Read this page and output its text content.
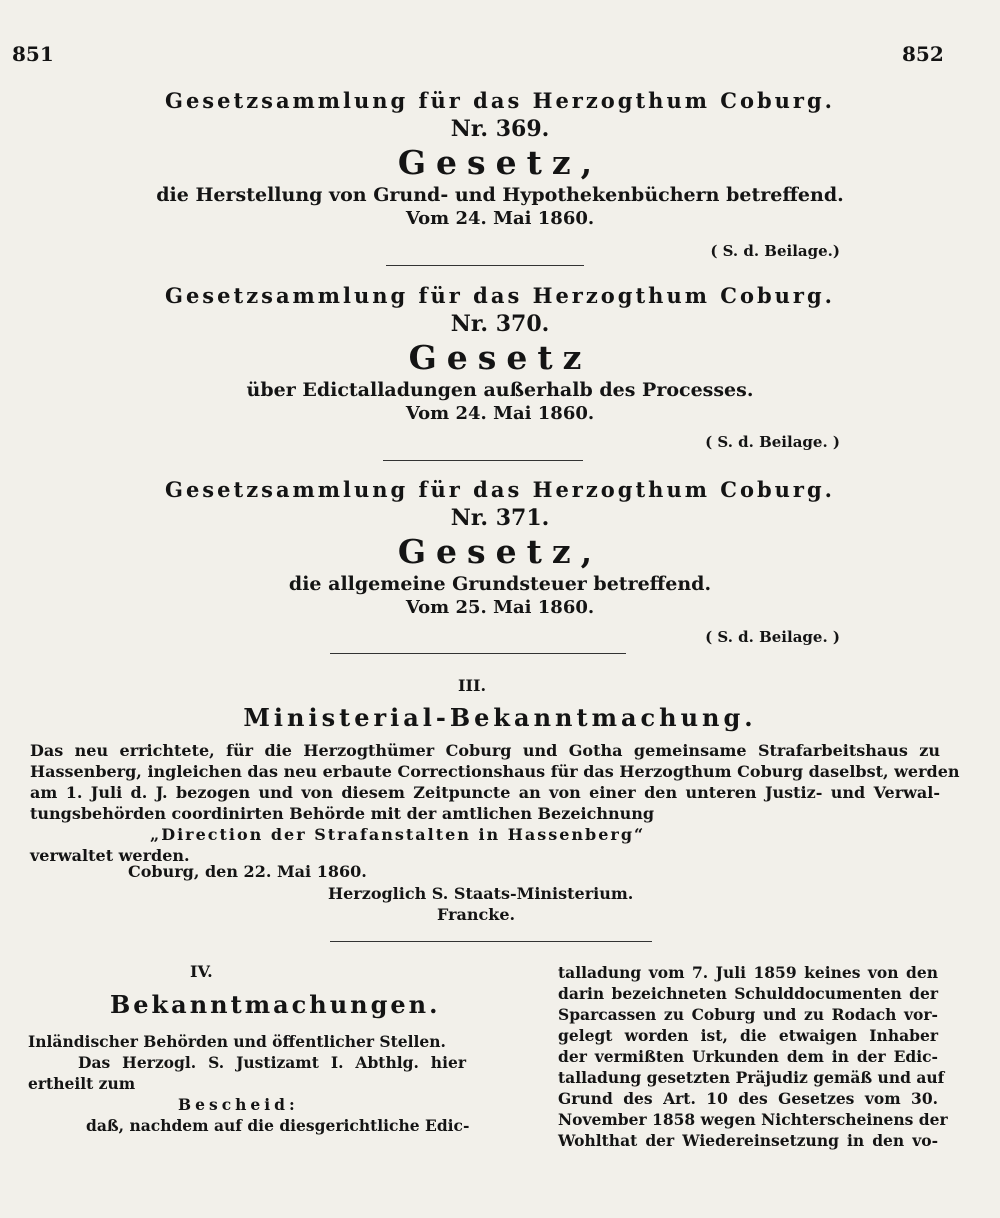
851	852
Gesetzsammlung für das Herzogthum Coburg.
Nr. 369.
Gesetz,
die Herstellung von Grund- und Hypothekenbüchern betreffend.
Vom 24. Mai 1860.
( S. d. Beilage.)
Gesetzsammlung für das Herzogthum Coburg.
Nr. 370.
Gesetz
über Edictalladungen außerhalb des Processes.
Vom 24. Mai 1860.
( S. d. Beilage. )
Gesetzsammlung für das Herzogthum Coburg.
Nr. 371.
Gesetz,
die allgemeine Grundsteuer betreffend.
Vom 25. Mai 1860.
( S. d. Beilage. )
III.
Ministerial-Bekanntmachung.
Das neu errichtete, für die Herzogthümer Coburg und Gotha gemeinsame Strafarbeitshaus zu
Hassenberg, ingleichen das neu erbaute Correctionshaus für das Herzogthum Coburg daselbst, werden
am 1. Juli d. J. bezogen und von diesem Zeitpuncte an von einer den unteren Justiz- und Verwal-
tungsbehörden coordinirten Behörde mit der amtlichen Bezeichnung
„Direction der Strafanstalten in Hassenberg“
verwaltet werden.
Coburg, den 22. Mai 1860.
Herzoglich S. Staats-Ministerium.
Francke.
IV.
Bekanntmachungen.
Inländischer Behörden und öffentlicher Stellen.
Das Herzogl. S. Justizamt I. Abthlg. hier
ertheilt zum
Bescheid:
daß, nachdem auf die diesgerichtliche Edic-
talladung vom 7. Juli 1859 keines von den
darin bezeichneten Schulddocumenten der
Sparcassen zu Coburg und zu Rodach vor-
gelegt worden ist, die etwaigen Inhaber
der vermißten Urkunden dem in der Edic-
talladung gesetzten Präjudiz gemäß und auf
Grund des Art. 10 des Gesetzes vom 30.
November 1858 wegen Nichterscheinens der
Wohlthat der Wiedereinsetzung in den vo-
